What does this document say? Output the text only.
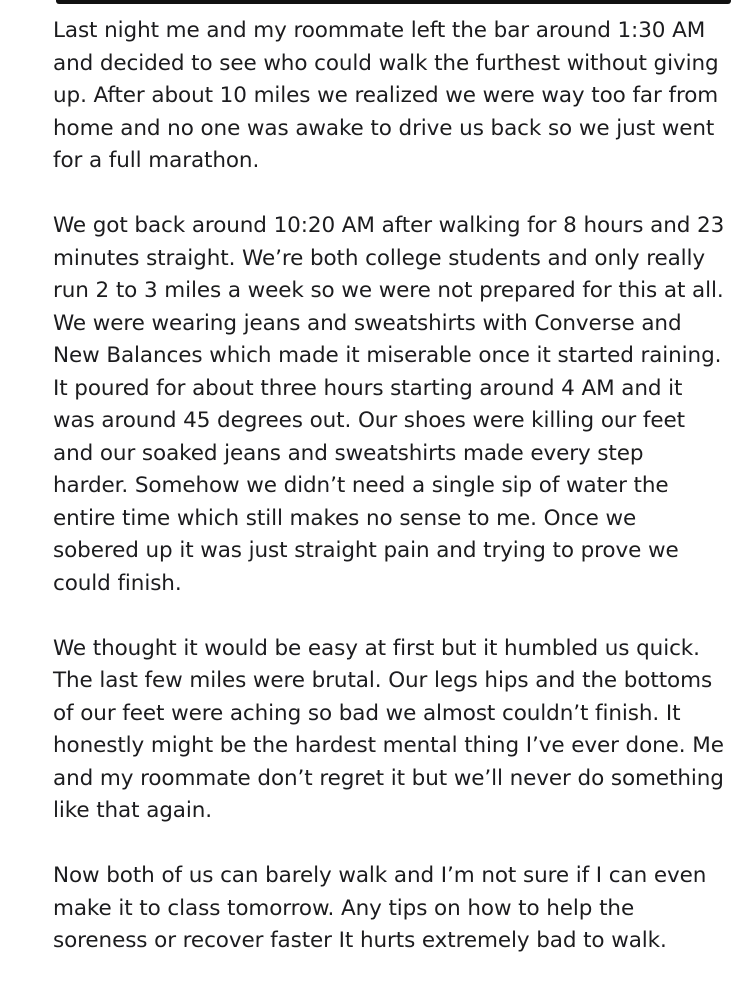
Last night me and my roommate left the bar around 1:30 AM and decided to see who could walk the furthest without giving up. After about 10 miles we realized we were way too far from home and no one was awake to drive us back so we just went for a full marathon.

We got back around 10:20 AM after walking for 8 hours and 23 minutes straight. We’re both college students and only really run 2 to 3 miles a week so we were not prepared for this at all. We were wearing jeans and sweatshirts with Converse and New Balances which made it miserable once it started raining. It poured for about three hours starting around 4 AM and it was around 45 degrees out. Our shoes were killing our feet and our soaked jeans and sweatshirts made every step harder. Somehow we didn’t need a single sip of water the entire time which still makes no sense to me. Once we sobered up it was just straight pain and trying to prove we could finish.

We thought it would be easy at first but it humbled us quick. The last few miles were brutal. Our legs hips and the bottoms of our feet were aching so bad we almost couldn’t finish. It honestly might be the hardest mental thing I’ve ever done. Me and my roommate don’t regret it but we’ll never do something like that again.

Now both of us can barely walk and I’m not sure if I can even make it to class tomorrow. Any tips on how to help the soreness or recover faster It hurts extremely bad to walk.
